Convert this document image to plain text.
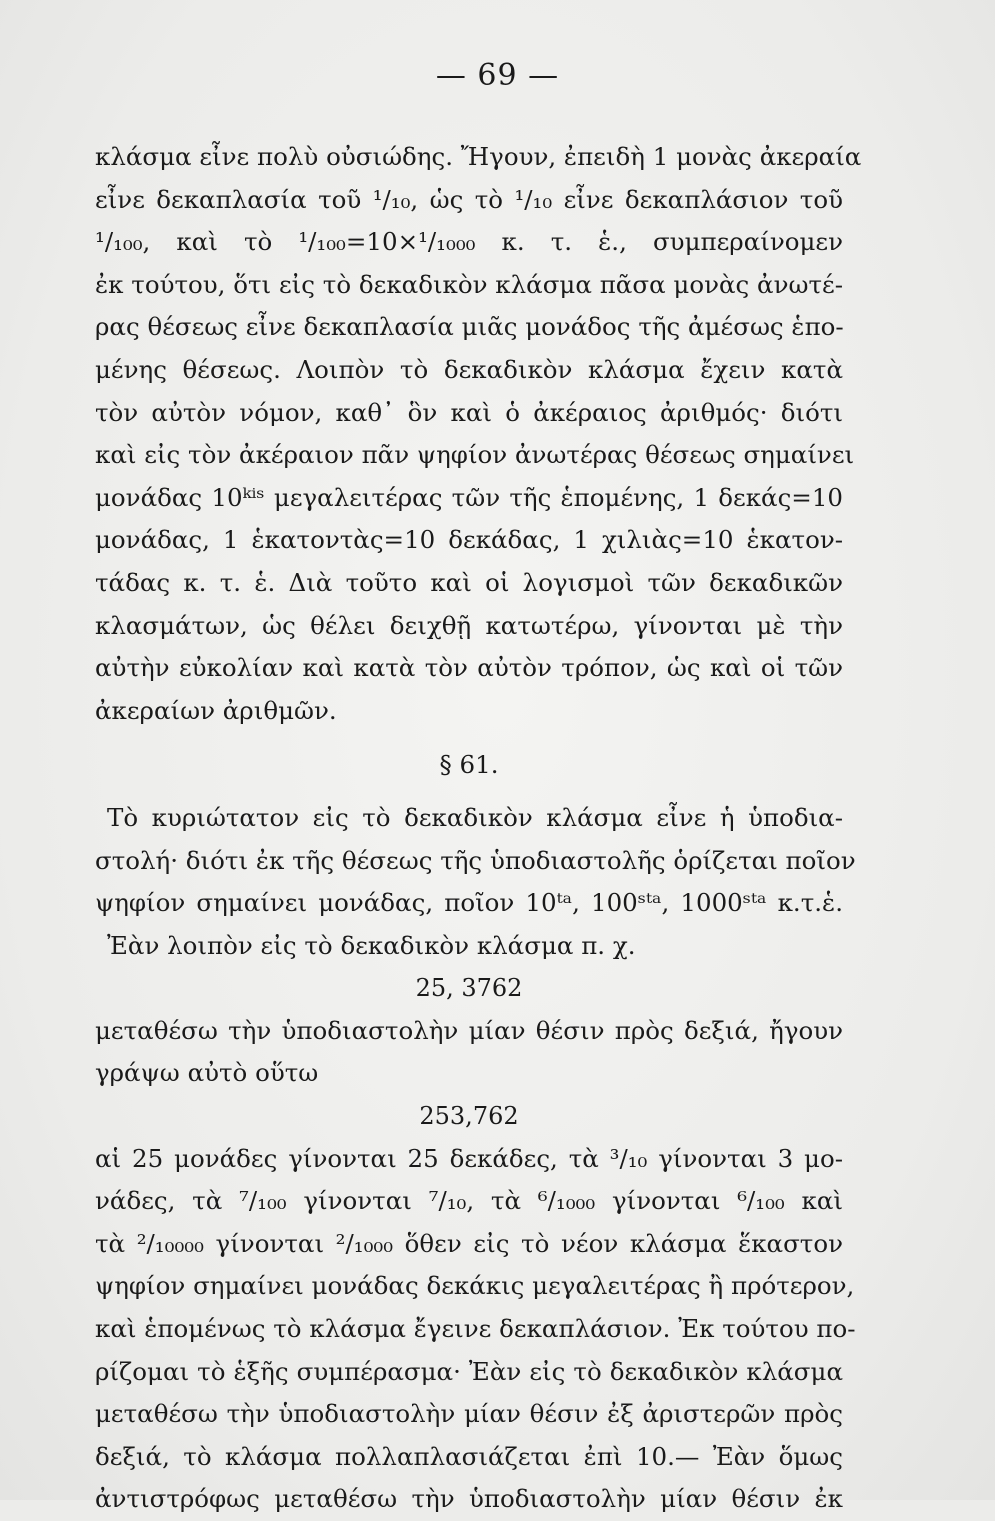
— 69 —
κλάσμα εἶνε πολὺ οὐσιώδης. Ἤγουν, ἐπειδὴ 1 μονὰς ἀκεραία
εἶνε δεκαπλασία τοῦ ¹/₁₀, ὡς τὸ ¹/₁₀ εἶνε δεκαπλάσιον τοῦ
¹/₁₀₀, καὶ τὸ ¹/₁₀₀=10×¹/₁₀₀₀ κ. τ. ἑ., συμπεραίνομεν
ἐκ τούτου, ὅτι εἰς τὸ δεκαδικὸν κλάσμα πᾶσα μονὰς ἀνωτέ-
ρας θέσεως εἶνε δεκαπλασία μιᾶς μονάδος τῆς ἀμέσως ἑπο-
μένης θέσεως. Λοιπὸν τὸ δεκαδικὸν κλάσμα ἔχειν κατὰ
τὸν αὐτὸν νόμον, καθ᾽ ὃν καὶ ὁ ἀκέραιος ἀριθμός· διότι
καὶ εἰς τὸν ἀκέραιον πᾶν ψηφίον ἀνωτέρας θέσεως σημαίνει
μονάδας 10ᵏⁱˢ μεγαλειτέρας τῶν τῆς ἑπομένης, 1 δεκάς=10
μονάδας, 1 ἑκατοντὰς=10 δεκάδας, 1 χιλιὰς=10 ἑκατον-
τάδας κ. τ. ἑ. Διὰ τοῦτο καὶ οἱ λογισμοὶ τῶν δεκαδικῶν
κλασμάτων, ὡς θέλει δειχθῇ κατωτέρω, γίνονται μὲ τὴν
αὐτὴν εὐκολίαν καὶ κατὰ τὸν αὐτὸν τρόπον, ὡς καὶ οἱ τῶν
ἀκεραίων ἀριθμῶν.
§ 61.
Τὸ κυριώτατον εἰς τὸ δεκαδικὸν κλάσμα εἶνε ἡ ὑποδια-
στολή· διότι ἐκ τῆς θέσεως τῆς ὑποδιαστολῆς ὁρίζεται ποῖον
ψηφίον σημαίνει μονάδας, ποῖον 10ᵗᵃ, 100ˢᵗᵃ, 1000ˢᵗᵃ κ.τ.ἑ.
Ἐὰν λοιπὸν εἰς τὸ δεκαδικὸν κλάσμα π. χ.
25, 3762
μεταθέσω τὴν ὑποδιαστολὴν μίαν θέσιν πρὸς δεξιά, ἤγουν
γράψω αὐτὸ οὕτω
253,762
αἱ 25 μονάδες γίνονται 25 δεκάδες, τὰ ³/₁₀ γίνονται 3 μο-
νάδες, τὰ ⁷/₁₀₀ γίνονται ⁷/₁₀, τὰ ⁶/₁₀₀₀ γίνονται ⁶/₁₀₀ καὶ
τὰ ²/₁₀₀₀₀ γίνονται ²/₁₀₀₀ ὅθεν εἰς τὸ νέον κλάσμα ἕκαστον
ψηφίον σημαίνει μονάδας δεκάκις μεγαλειτέρας ἢ πρότερον,
καὶ ἑπομένως τὸ κλάσμα ἔγεινε δεκαπλάσιον. Ἐκ τούτου πο-
ρίζομαι τὸ ἑξῆς συμπέρασμα· Ἐὰν εἰς τὸ δεκαδικὸν κλάσμα
μεταθέσω τὴν ὑποδιαστολὴν μίαν θέσιν ἐξ ἀριστερῶν πρὸς
δεξιά, τὸ κλάσμα πολλαπλασιάζεται ἐπὶ 10.— Ἐὰν ὅμως
ἀντιστρόφως μεταθέσω τὴν ὑποδιαστολὴν μίαν θέσιν ἐκ
